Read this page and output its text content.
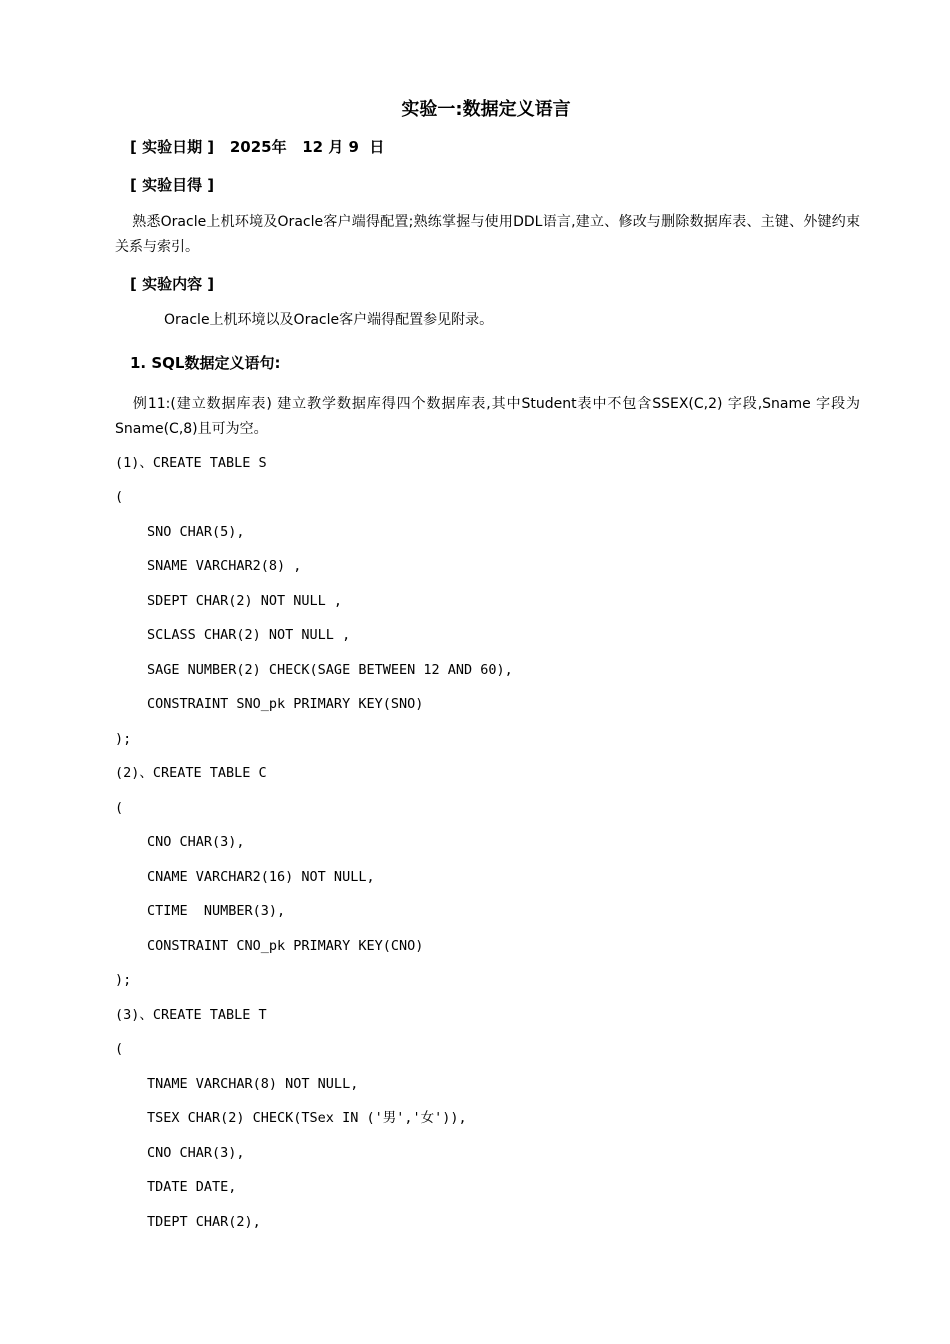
实验一:数据定义语言
[ 实验日期 ]   2025年   12 月 9  日
[ 实验目得 ]
熟悉Oracle上机环境及Oracle客户端得配置;熟练掌握与使用DDL语言,建立、修改与删除数据库表、主键、外键约束关系与索引。
[ 实验内容 ]
Oracle上机环境以及Oracle客户端得配置参见附录。
1. SQL数据定义语句:
例11:(建立数据库表) 建立教学数据库得四个数据库表,其中Student表中不包含SSEX(C,2) 字段,Sname 字段为Sname(C,8)且可为空。
(1)、CREATE TABLE S
(
SNO CHAR(5),
SNAME VARCHAR2(8) ,
SDEPT CHAR(2) NOT NULL ,
SCLASS CHAR(2) NOT NULL ,
SAGE NUMBER(2) CHECK(SAGE BETWEEN 12 AND 60),
CONSTRAINT SNO_pk PRIMARY KEY(SNO)
);
(2)、CREATE TABLE C
(
CNO CHAR(3),
CNAME VARCHAR2(16) NOT NULL,
CTIME  NUMBER(3),
CONSTRAINT CNO_pk PRIMARY KEY(CNO)
);
(3)、CREATE TABLE T
(
TNAME VARCHAR(8) NOT NULL,
TSEX CHAR(2) CHECK(TSex IN ('男','女')),
CNO CHAR(3),
TDATE DATE,
TDEPT CHAR(2),
